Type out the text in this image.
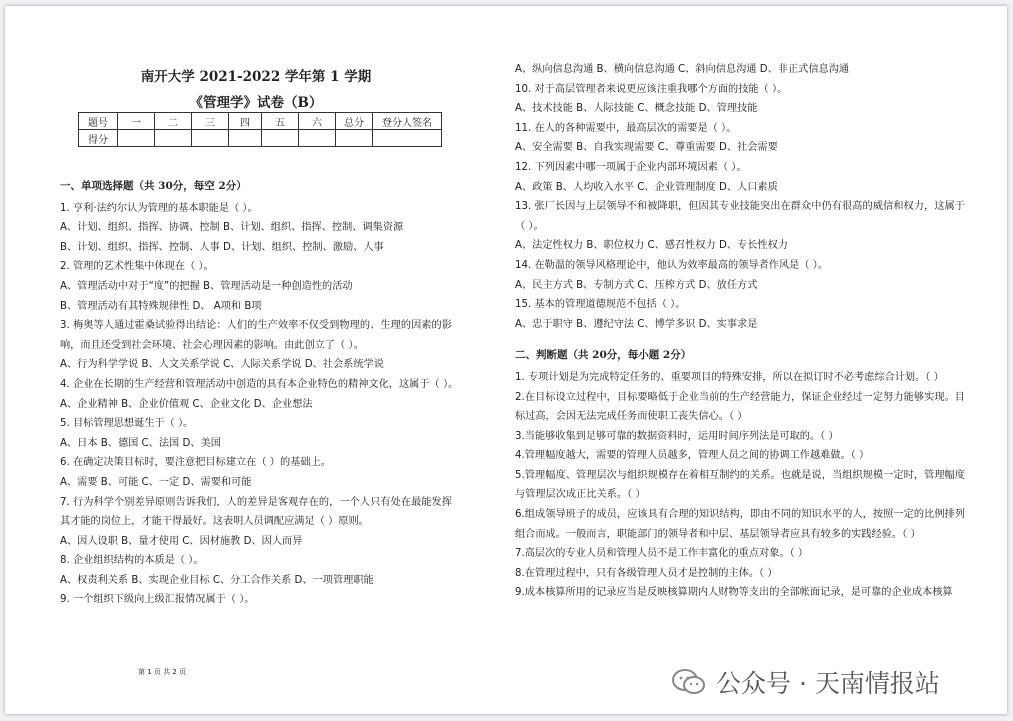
南开大学 2021-2022 学年第 1 学期
《管理学》试卷（B）
题号	一	二	三	四	五	六	总分	登分人签名
得分								
一、单项选择题（共 30分，每空 2分）
1. 亨利·法约尔认为管理的基本职能是（ ）。
A、计划、组织、指挥、协调、控制 B、计划、组织、指挥、控制、调集资源
B、计划、组织、指挥、控制、人事 D、计划、组织、控制、激励、人事
2. 管理的艺术性集中体现在（ ）。
A、管理活动中对于“度”的把握 B、管理活动是一种创造性的活动
B、管理活动有其特殊规律性 D、 A项和 B项
3. 梅奥等人通过霍桑试验得出结论：人们的生产效率不仅受到物理的、生理的因素的影响，而且还受到社会环境、社会心理因素的影响。由此创立了（ ）。
A、行为科学学说 B、人文关系学说 C、人际关系学说 D、社会系统学说
4. 企业在长期的生产经营和管理活动中创造的具有本企业特色的精神文化，这属于（ ）。
A、企业精神 B、企业价值观 C、企业文化 D、企业想法
5. 目标管理思想诞生于（ ）。
A、日本 B、德国 C、法国 D、美国
6. 在确定决策目标时，要注意把目标建立在（ ）的基础上。
A、需要 B、可能 C、一定 D、需要和可能
7. 行为科学个别差异原则告诉我们，人的差异是客观存在的，一个人只有处在最能发挥其才能的岗位上，才能干得最好。这表明人员调配应满足（ ）原则。
A、因人设职 B、量才使用 C、因材施教 D、因人而异
8. 企业组织结构的本质是（ ）。
A、权责利关系 B、实现企业目标 C、分工合作关系 D、一项管理职能
9. 一个组织下级向上级汇报情况属于（ ）。
A、纵向信息沟通 B、横向信息沟通 C、斜向信息沟通 D、非正式信息沟通
10. 对于高层管理者来说更应该注重我哪个方面的技能（ ）。
A、技术技能 B、人际技能 C、概念技能 D、管理技能
11. 在人的各种需要中，最高层次的需要是（ ）。
A、安全需要 B、自我实现需要 C、尊重需要 D、社会需要
12. 下列因素中哪一项属于企业内部环境因素（ ）。
A、政策 B、人均收入水平 C、企业管理制度 D、人口素质
13. 张厂长因与上层领导不和被降职，但因其专业技能突出在群众中仍有很高的威信和权力，这属于（ ）。
A、法定性权力 B、职位权力 C、感召性权力 D、专长性权力
14. 在勒温的领导风格理论中，他认为效率最高的领导者作风是（ ）。
A、民主方式 B、专制方式 C、压榨方式 D、放任方式
15. 基本的管理道德规范不包括（ ）。
A、忠于职守 B、遵纪守法 C、博学多识 D、实事求是
二、判断题（共 20分，每小题 2分）
1. 专项计划是为完成特定任务的、重要项目的特殊安排，所以在拟订时不必考虑综合计划。（ ）
2.在目标设立过程中，目标要略低于企业当前的生产经营能力，保证企业经过一定努力能够实现。目标过高，会因无法完成任务而使职工丧失信心。（ ）
3.当能够收集到足够可靠的数据资料时，运用时间序列法是可取的。（ ）
4.管理幅度越大，需要的管理人员越多，管理人员之间的协调工作越难做。（ ）
5.管理幅度、管理层次与组织规模存在着相互制约的关系。也就是说，当组织规模一定时，管理幅度与管理层次成正比关系。（ ）
6.组成领导班子的成员，应该具有合理的知识结构，即由不同的知识水平的人，按照一定的比例排列组合而成。一般而言，职能部门的领导者和中层、基层领导者应具有较多的实践经验。（ ）
7.高层次的专业人员和管理人员不是工作丰富化的重点对象。（ ）
8.在管理过程中，只有各级管理人员才是控制的主体。（ ）
9.成本核算所用的记录应当是反映核算期内人财物等支出的全部帐面记录，是可靠的企业成本核算
第 1 页 共 2 页	公众号 · 天南情报站
